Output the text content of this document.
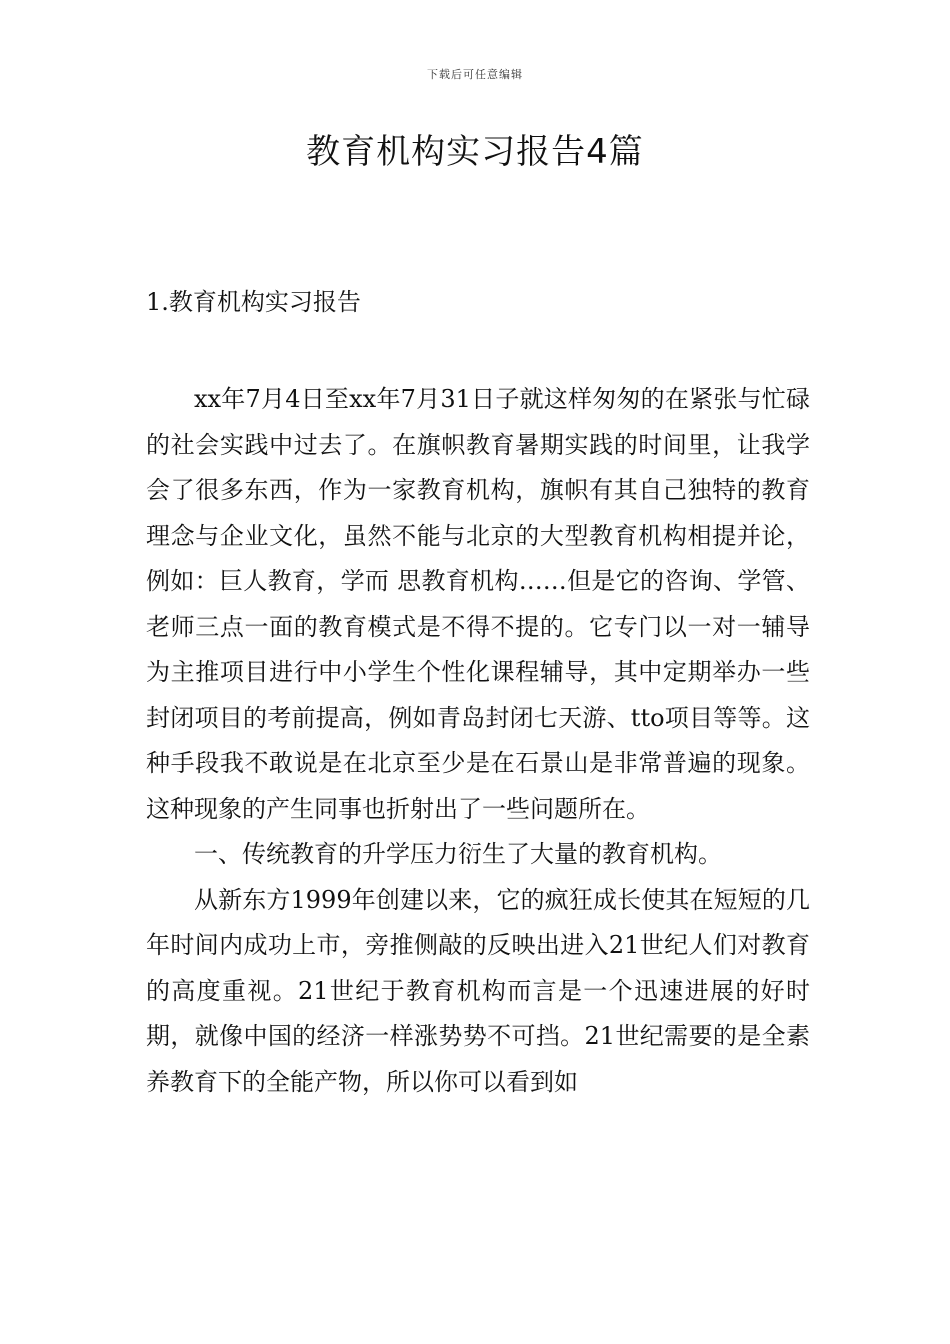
下载后可任意编辑
教育机构实习报告4篇
1.教育机构实习报告

xx年7月4日至xx年7月31日子就这样匆匆的在紧张与忙碌的社会实践中过去了。在旗帜教育暑期实践的时间里，让我学会了很多东西，作为一家教育机构，旗帜有其自己独特的教育理念与企业文化，虽然不能与北京的大型教育机构相提并论，例如：巨人教育，学而 思教育机构……但是它的咨询、学管、老师三点一面的教育模式是不得不提的。它专门以一对一辅导为主推项目进行中小学生个性化课程辅导，其中定期举办一些封闭项目的考前提高，例如青岛封闭七天游、tto项目等等。这种手段我不敢说是在北京至少是在石景山是非常普遍的现象。这种现象的产生同事也折射出了一些问题所在。

一、传统教育的升学压力衍生了大量的教育机构。

从新东方1999年创建以来，它的疯狂成长使其在短短的几年时间内成功上市，旁推侧敲的反映出进入21世纪人们对教育的高度重视。21世纪于教育机构而言是一个迅速进展的好时期，就像中国的经济一样涨势势不可挡。21世纪需要的是全素养教育下的全能产物，所以你可以看到如
